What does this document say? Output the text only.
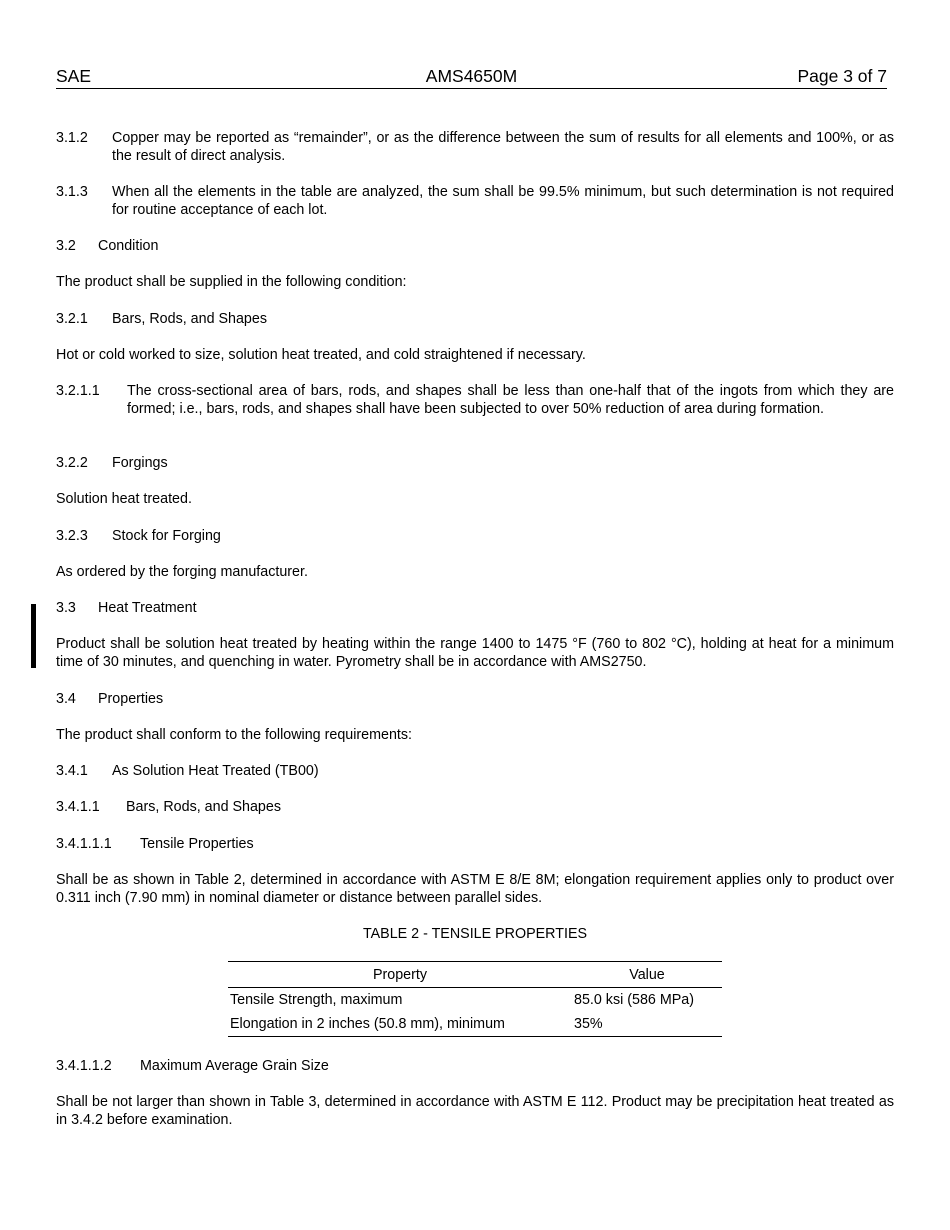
SAE	AMS4650M	Page 3 of 7
3.1.2	Copper may be reported as “remainder”, or as the difference between the sum of results for all elements and 100%, or as the result of direct analysis.
3.1.3	When all the elements in the table are analyzed, the sum shall be 99.5% minimum, but such determination is not required for routine acceptance of each lot.
3.2	Condition
The product shall be supplied in the following condition:
3.2.1	Bars, Rods, and Shapes
Hot or cold worked to size, solution heat treated, and cold straightened if necessary.
3.2.1.1	The cross-sectional area of bars, rods, and shapes shall be less than one-half that of the ingots from which they are formed; i.e., bars, rods, and shapes shall have been subjected to over 50% reduction of area during formation.
3.2.2	Forgings
Solution heat treated.
3.2.3	Stock for Forging
As ordered by the forging manufacturer.
3.3	Heat Treatment
Product shall be solution heat treated by heating within the range 1400 to 1475 °F (760 to 802 °C), holding at heat for a minimum time of 30 minutes, and quenching in water. Pyrometry shall be in accordance with AMS2750.
3.4	Properties
The product shall conform to the following requirements:
3.4.1	As Solution Heat Treated (TB00)
3.4.1.1	Bars, Rods, and Shapes
3.4.1.1.1	Tensile Properties
Shall be as shown in Table 2, determined in accordance with ASTM E 8/E 8M; elongation requirement applies only to product over 0.311 inch (7.90 mm) in nominal diameter or distance between parallel sides.
TABLE 2 - TENSILE PROPERTIES
Property	Value
Tensile Strength, maximum	85.0 ksi (586 MPa)
Elongation in 2 inches (50.8 mm), minimum	35%
3.4.1.1.2	Maximum Average Grain Size
Shall be not larger than shown in Table 3, determined in accordance with ASTM E 112. Product may be precipitation heat treated as in 3.4.2 before examination.
